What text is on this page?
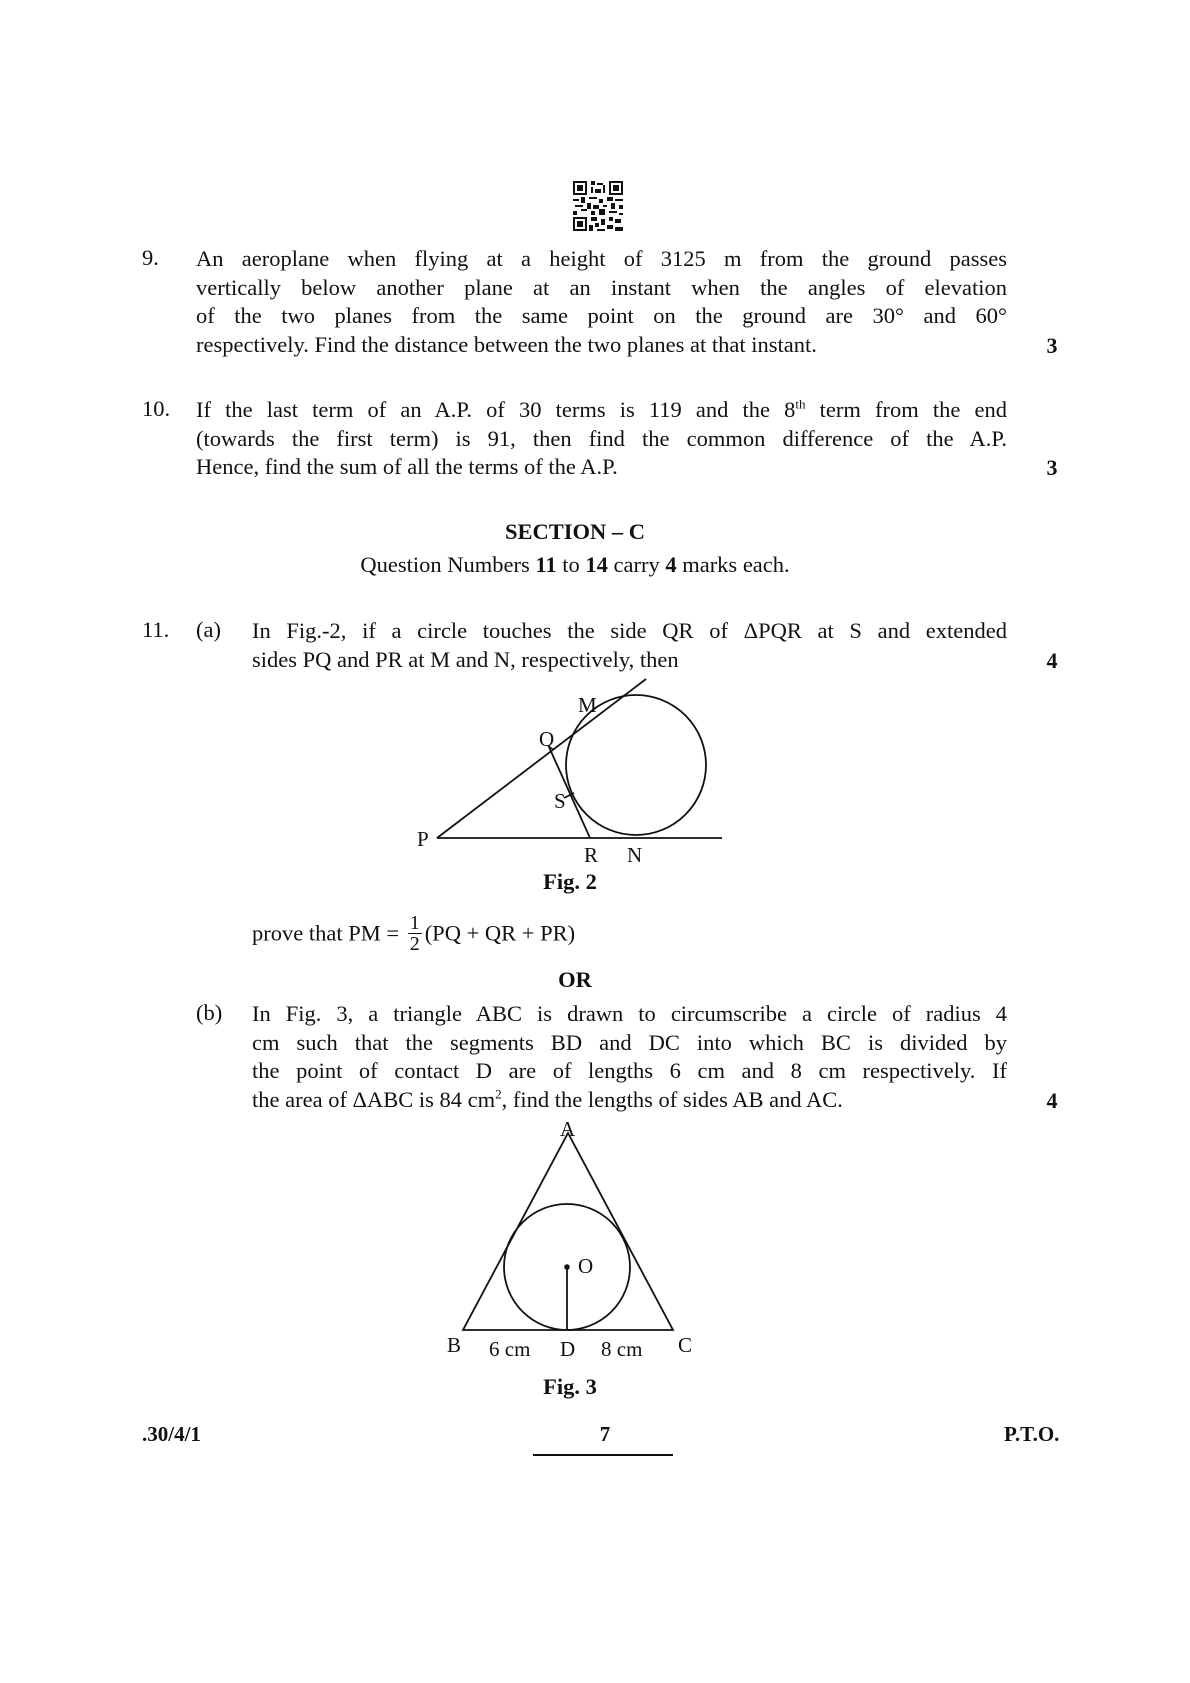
9. An aeroplane when flying at a height of 3125 m from the ground passes
vertically below another plane at an instant when the angles of elevation
of the two planes from the same point on the ground are 30° and 60°
respectively. Find the distance between the two planes at that instant.	3
10. If the last term of an A.P. of 30 terms is 119 and the 8th term from the end
(towards the first term) is 91, then find the common difference of the A.P.
Hence, find the sum of all the terms of the A.P.	3
SECTION – C
Question Numbers 11 to 14 carry 4 marks each.
11. (a) In Fig.-2, if a circle touches the side QR of ΔPQR at S and extended
sides PQ and PR at M and N, respectively, then	4
P
Q
M
S
R N
Fig. 2
prove that PM = $\frac{1}{2} (PQ$ + QR + PR)
OR
(b) In Fig. 3, a triangle ABC is drawn to circumscribe a circle of radius 4
cm such that the segments BD and DC into which BC is divided by
the point of contact D are of lengths 6 cm and 8 cm respectively. If
the area of ΔABC is 84 $cm^2$, find the lengths of sides AB and AC.	4
A
O
B 6 cm D 8 cm C
Fig. 3
.30/4/1	7	P.T.O.
